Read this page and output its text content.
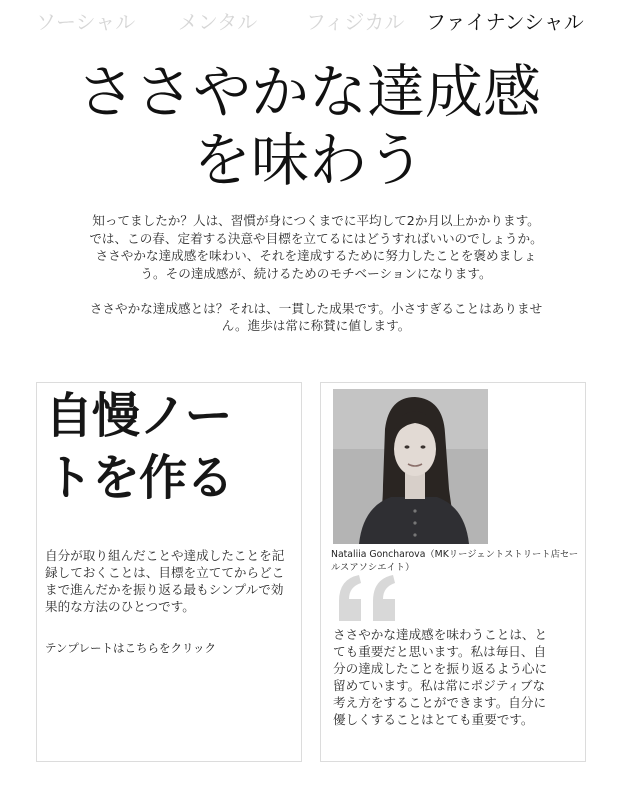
ソーシャル メンタル フィジカル ファイナンシャル
ささやかな達成感
を味わう

知ってましたか？人は、習慣が身につくまでに平均して2か月以上かかります。では、この春、定着する決意や目標を立てるにはどうすればいいのでしょうか。ささやかな達成感を味わい、それを達成するために努力したことを褒めましょう。その達成感が、続けるためのモチベーションになります。

ささやかな達成感とは？それは、一貫した成果です。小さすぎることはありません。進歩は常に称賛に値します。

自慢ノー
トを作る
自分が取り組んだことや達成したことを記録しておくことは、目標を立ててからどこまで進んだかを振り返る最もシンプルで効果的な方法のひとつです。
テンプレートはこちらをクリック
Nataliia Goncharova（MKリージェントストリート店セールスアソシエイト）
ささやかな達成感を味わうことは、とても重要だと思います。私は毎日、自分の達成したことを振り返るよう心に留めています。私は常にポジティブな考え方をすることができます。自分に優しくすることはとても重要です。
